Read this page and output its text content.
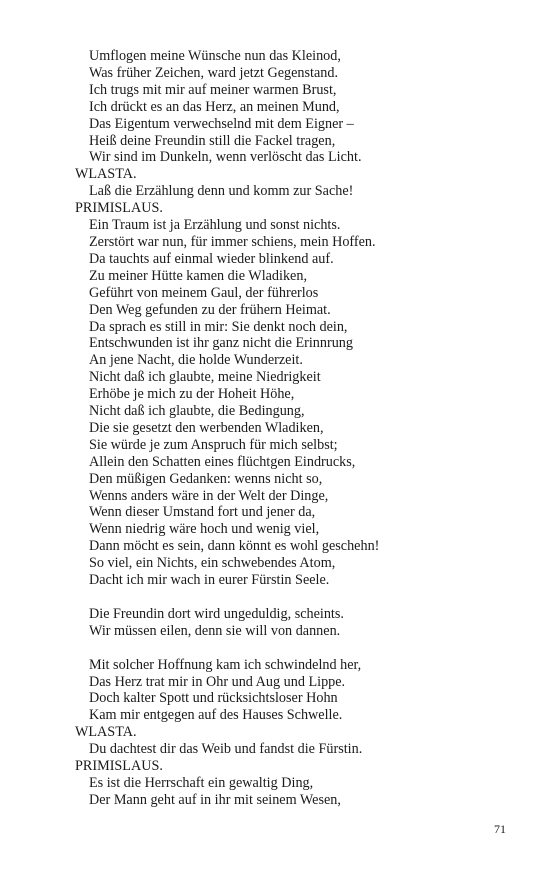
Umflogen meine Wünsche nun das Kleinod,
Was früher Zeichen, ward jetzt Gegenstand.
Ich trugs mit mir auf meiner warmen Brust,
Ich drückt es an das Herz, an meinen Mund,
Das Eigentum verwechselnd mit dem Eigner –
Heiß deine Freundin still die Fackel tragen,
Wir sind im Dunkeln, wenn verlöscht das Licht.
WLASTA.
Laß die Erzählung denn und komm zur Sache!
PRIMISLAUS.
Ein Traum ist ja Erzählung und sonst nichts.
Zerstört war nun, für immer schiens, mein Hoffen.
Da tauchts auf einmal wieder blinkend auf.
Zu meiner Hütte kamen die Wladiken,
Geführt von meinem Gaul, der führerlos
Den Weg gefunden zu der frühern Heimat.
Da sprach es still in mir: Sie denkt noch dein,
Entschwunden ist ihr ganz nicht die Erinnrung
An jene Nacht, die holde Wunderzeit.
Nicht daß ich glaubte, meine Niedrigkeit
Erhöbe je mich zu der Hoheit Höhe,
Nicht daß ich glaubte, die Bedingung,
Die sie gesetzt den werbenden Wladiken,
Sie würde je zum Anspruch für mich selbst;
Allein den Schatten eines flüchtgen Eindrucks,
Den müßigen Gedanken: wenns nicht so,
Wenns anders wäre in der Welt der Dinge,
Wenn dieser Umstand fort und jener da,
Wenn niedrig wäre hoch und wenig viel,
Dann möcht es sein, dann könnt es wohl geschehn!
So viel, ein Nichts, ein schwebendes Atom,
Dacht ich mir wach in eurer Fürstin Seele.
Die Freundin dort wird ungeduldig, scheints.
Wir müssen eilen, denn sie will von dannen.
Mit solcher Hoffnung kam ich schwindelnd her,
Das Herz trat mir in Ohr und Aug und Lippe.
Doch kalter Spott und rücksichtsloser Hohn
Kam mir entgegen auf des Hauses Schwelle.
WLASTA.
Du dachtest dir das Weib und fandst die Fürstin.
PRIMISLAUS.
Es ist die Herrschaft ein gewaltig Ding,
Der Mann geht auf in ihr mit seinem Wesen,
71
